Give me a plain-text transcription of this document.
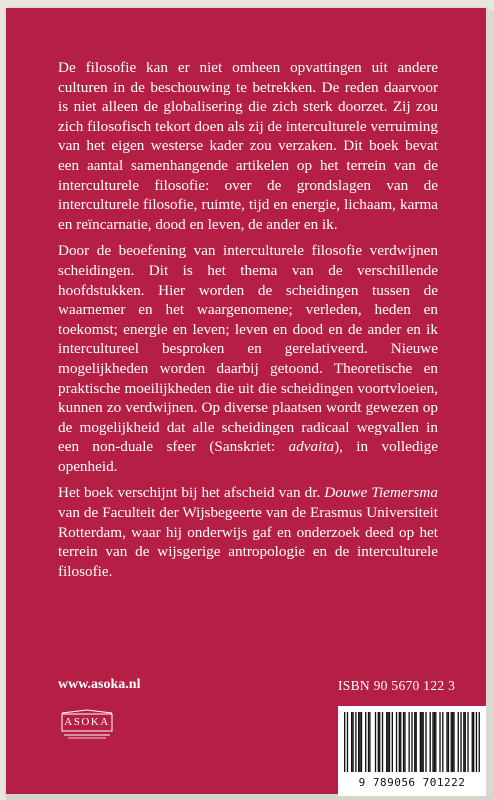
De filosofie kan er niet omheen opvattingen uit andere culturen in de beschouwing te betrekken. De reden daarvoor is niet alleen de globalisering die zich sterk doorzet. Zij zou zich filosofisch tekort doen als zij de interculturele verruiming van het eigen westerse kader zou verzaken. Dit boek bevat een aantal samenhangende artikelen op het terrein van de interculturele filosofie: over de grondslagen van de interculturele filosofie, ruimte, tijd en energie, lichaam, karma en reïncarnatie, dood en leven, de ander en ik.

Door de beoefening van interculturele filosofie verdwijnen scheidingen. Dit is het thema van de verschillende hoofdstukken. Hier worden de scheidingen tussen de waarnemer en het waargenomene; verleden, heden en toekomst; energie en leven; leven en dood en de ander en ik intercultureel besproken en gerelativeerd. Nieuwe mogelijkheden worden daarbij getoond. Theoretische en praktische moeilijkheden die uit die scheidingen voortvloeien, kunnen zo verdwijnen. Op diverse plaatsen wordt gewezen op de mogelijkheid dat alle scheidingen radicaal wegvallen in een non-duale sfeer (Sanskriet: advaita), in volledige openheid.

Het boek verschijnt bij het afscheid van dr. Douwe Tiemersma van de Faculteit der Wijsbegeerte van de Erasmus Universiteit Rotterdam, waar hij onderwijs gaf en onderzoek deed op het terrein van de wijsgerige antropologie en de interculturele filosofie.

www.asoka.nl	ISBN 90 5670 122 3
ASOKA
9 789056 701222
